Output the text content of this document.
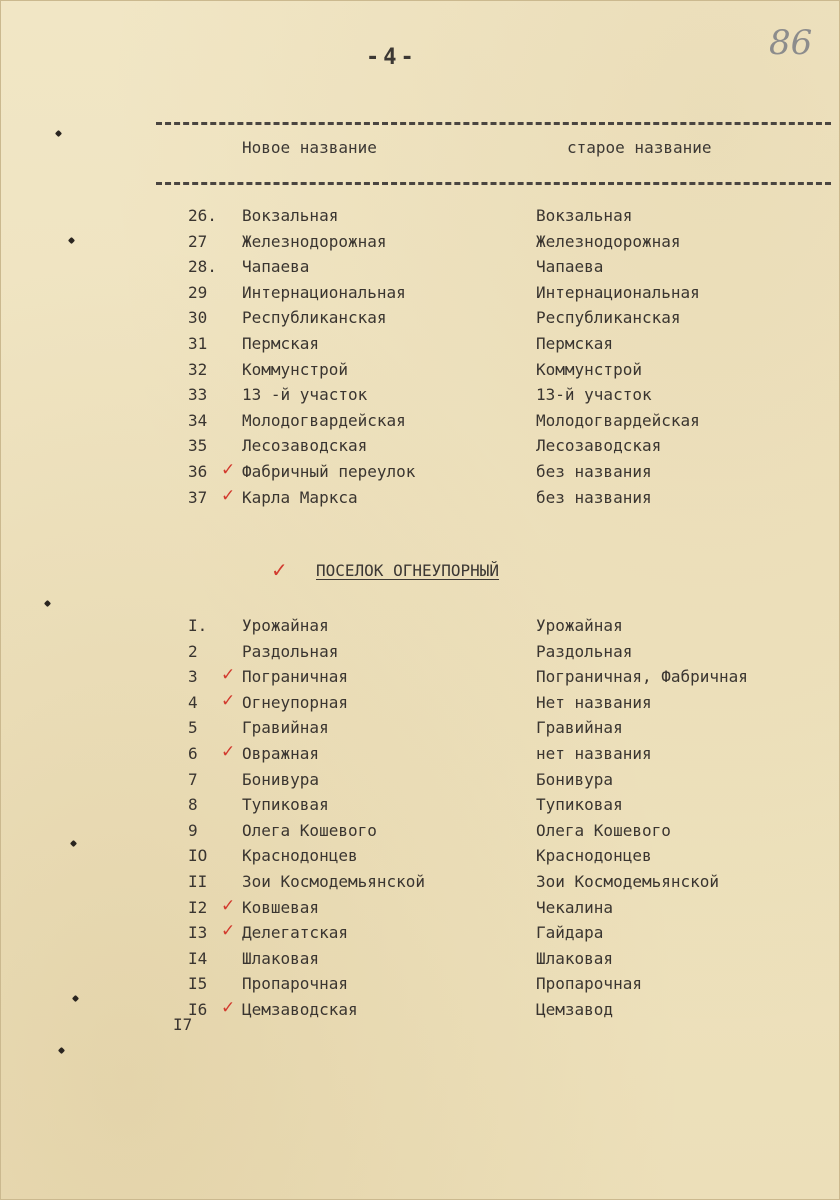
-4-	86
Новое название	старое название
26. Вокзальная	Вокзальная
27 Железнодорожная	Железнодорожная
28. Чапаева	Чапаева
29 Интернациональная	Интернациональная
30 Республиканская	Республиканская
31 Пермская	Пермская
32 Коммунстрой	Коммунстрой
33 13 -й участок	13-й участок
34 Молодогвардейская	Молодогвардейская
35 Лесозаводская	Лесозаводская
36 ✓ Фабричный переулок	без названия
37 ✓ Карла Маркса	без названия
✓ ПОСЕЛОК ОГНЕУПОРНЫЙ
I. Урожайная	Урожайная
2	Раздольная	Раздольная
3 ✓ Пограничная	Пограничная, Фабричная
4 ✓ Огнеупорная	Нет названия
5	Гравийная	Гравийная
6 ✓ Овражная	нет названия
7	Бонивура	Бонивура
8	Тупиковая	Тупиковая
9	Олега Кошевого	Олега Кошевого
IO Краснодонцев	Краснодонцев
II Зои Космодемьянской	Зои Космодемьянской
I2 ✓ Ковшевая	Чекалина
I3 ✓ Делегатская	Гайдара
I4 Шлаковая	Шлаковая
I5 Пропарочная	Пропарочная
I6 ✓ Цемзаводская	Цемзавод
I7
